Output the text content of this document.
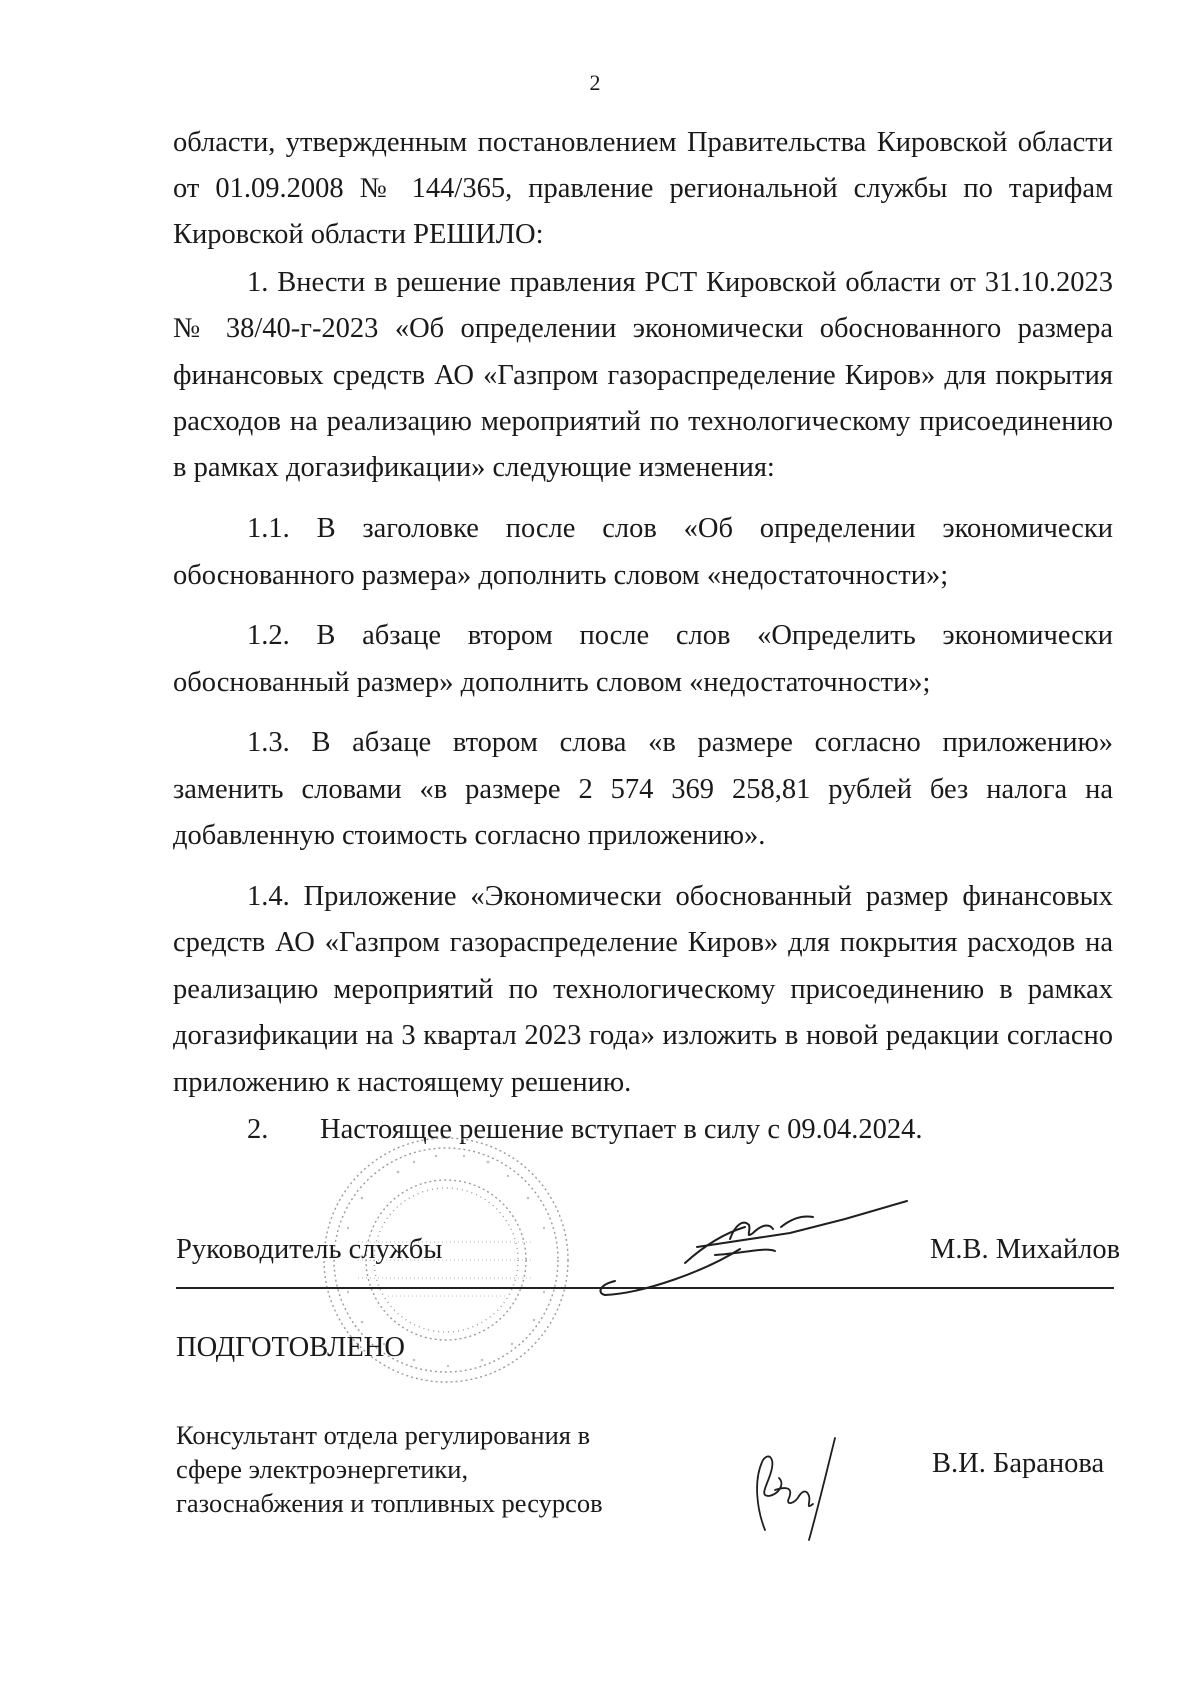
2
области, утвержденным постановлением Правительства Кировской области
от 01.09.2008 № 144/365, правление региональной службы по тарифам
Кировской области РЕШИЛО:
1. Внести в решение правления РСТ Кировской области от 31.10.2023
№ 38/40-г-2023 «Об определении экономически обоснованного размера
финансовых средств АО «Газпром газораспределение Киров» для покрытия
расходов на реализацию мероприятий по технологическому присоединению
в рамках догазификации» следующие изменения:
1.1. В заголовке после слов «Об определении экономически
обоснованного размера» дополнить словом «недостаточности»;
1.2. В абзаце втором после слов «Определить экономически
обоснованный размер» дополнить словом «недостаточности»;
1.3. В абзаце втором слова «в размере согласно приложению»
заменить словами «в размере 2 574 369 258,81 рублей без налога на
добавленную стоимость согласно приложению».
1.4. Приложение «Экономически обоснованный размер финансовых
средств АО «Газпром газораспределение Киров» для покрытия расходов на
реализацию мероприятий по технологическому присоединению в рамках
догазификации на 3 квартал 2023 года» изложить в новой редакции согласно
приложению к настоящему решению.
2. Настоящее решение вступает в силу с 09.04.2024.
Руководитель службы	М.В. Михайлов
ПОДГОТОВЛЕНО
Консультант отдела регулирования в
сфере электроэнергетики,
газоснабжения и топливных ресурсов
В.И. Баранова
